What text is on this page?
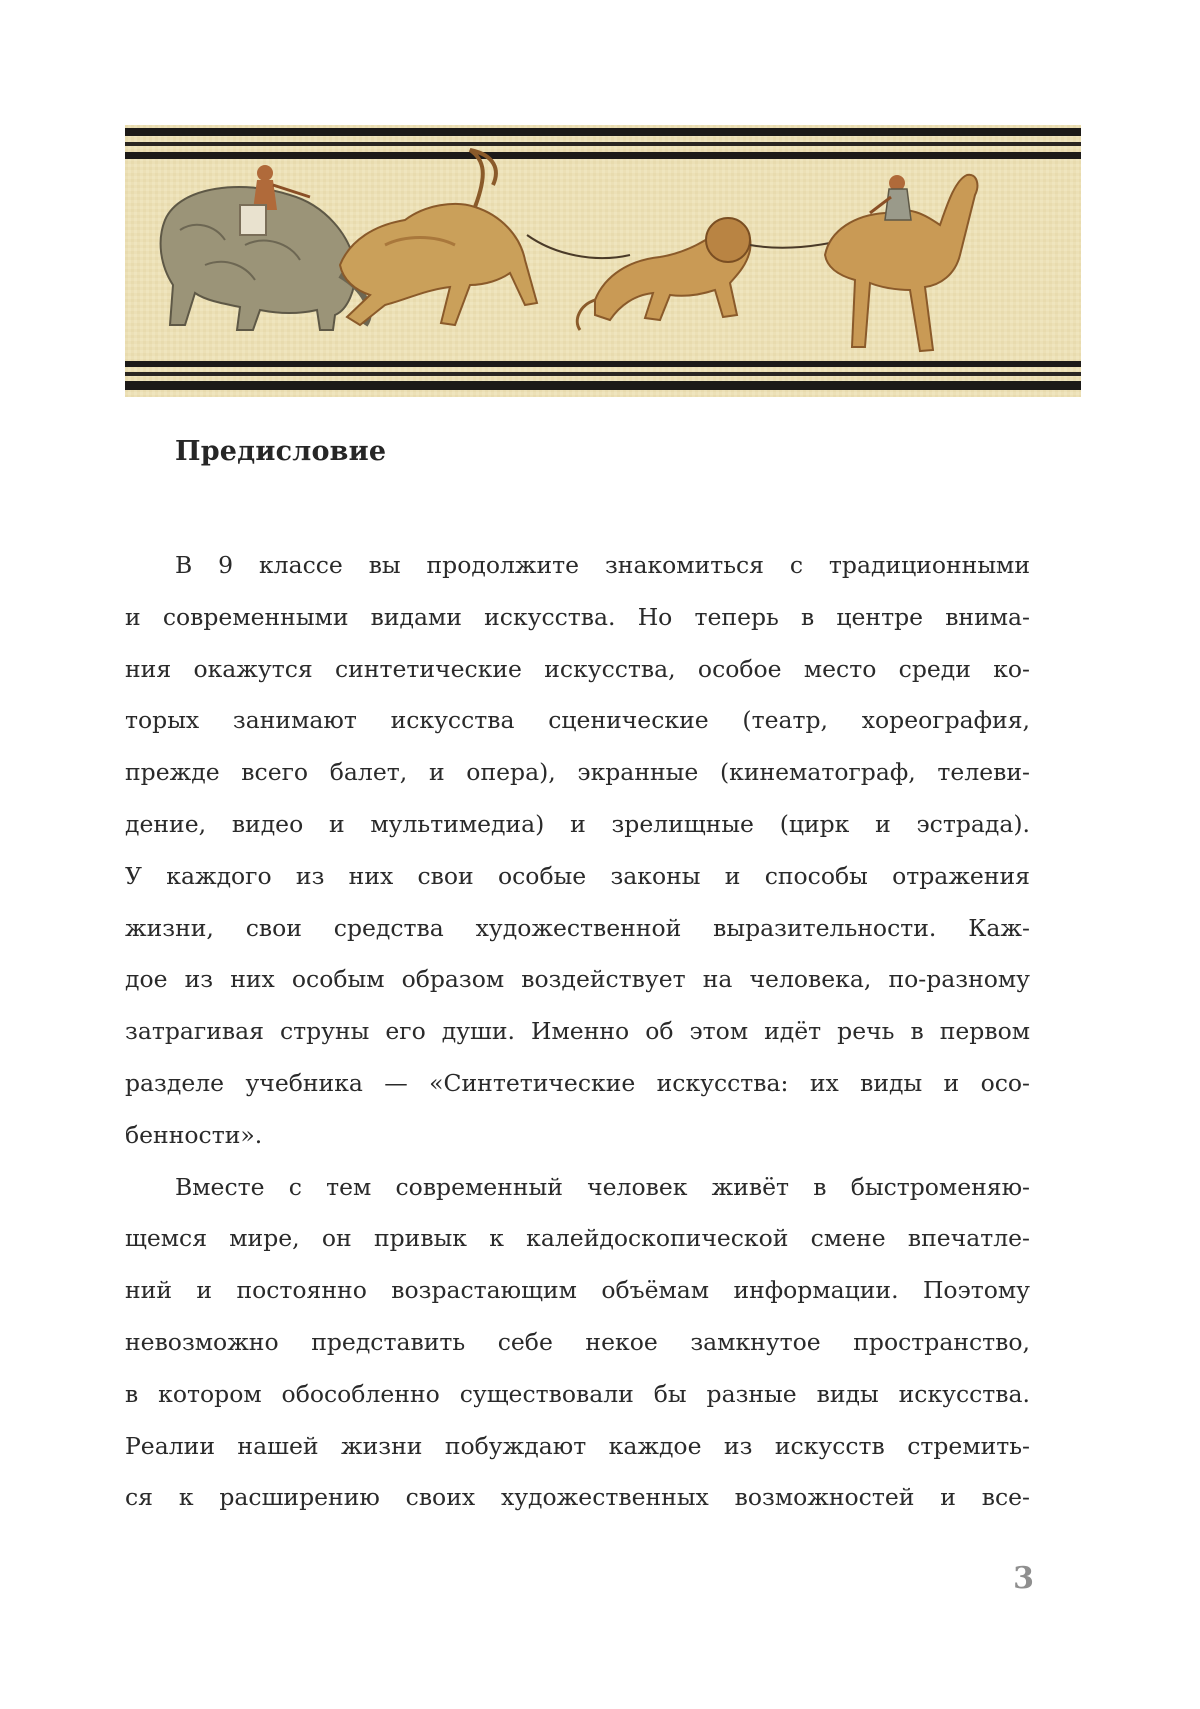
Предисловие
В 9 классе вы продолжите знакомиться с традиционными
и современными видами искусства. Но теперь в центре внима-
ния окажутся синтетические искусства, особое место среди ко-
торых занимают искусства сценические (театр, хореография,
прежде всего балет, и опера), экранные (кинематограф, телеви-
дение, видео и мультимедиа) и зрелищные (цирк и эстрада).
У каждого из них свои особые законы и способы отражения
жизни, свои средства художественной выразительности. Каж-
дое из них особым образом воздействует на человека, по-разному
затрагивая струны его души. Именно об этом идёт речь в первом
разделе учебника — «Синтетические искусства: их виды и осо-
бенности».
Вместе с тем современный человек живёт в быстроменяю-
щемся мире, он привык к калейдоскопической смене впечатле-
ний и постоянно возрастающим объёмам информации. Поэтому
невозможно представить себе некое замкнутое пространство,
в котором обособленно существовали бы разные виды искусства.
Реалии нашей жизни побуждают каждое из искусств стремить-
ся к расширению своих художественных возможностей и все-
3
